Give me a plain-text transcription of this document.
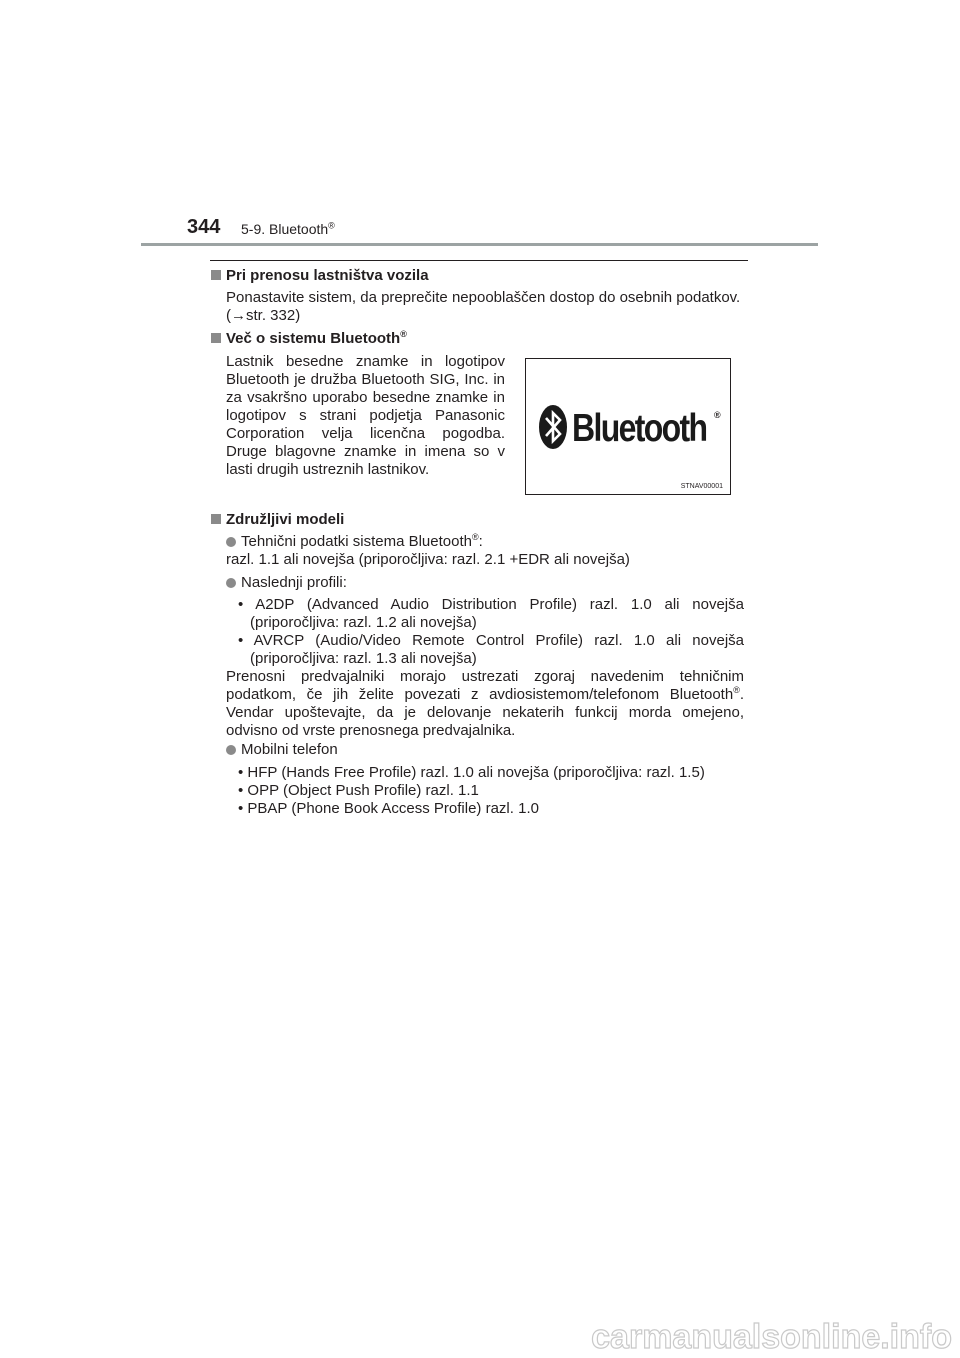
344 5-9. Bluetooth®
Pri prenosu lastništva vozila
Ponastavite sistem, da preprečite nepooblaščen dostop do osebnih podatkov.
(→str. 332)
Več o sistemu Bluetooth®
Lastnik besedne znamke in logotipov
Bluetooth je družba Bluetooth SIG, Inc. in
za vsakršno uporabo besedne znamke in
logotipov s strani podjetja Panasonic
Corporation velja licenčna pogodba.
Druge blagovne znamke in imena so v
lasti drugih ustreznih lastnikov.
Bluetooth ®
STNAV00001
Združljivi modeli
Tehnični podatki sistema Bluetooth®:
razl. 1.1 ali novejša (priporočljiva: razl. 2.1 +EDR ali novejša)
Naslednji profili:
• A2DP (Advanced Audio Distribution Profile) razl. 1.0 ali novejša
(priporočljiva: razl. 1.2 ali novejša)
• AVRCP (Audio/Video Remote Control Profile) razl. 1.0 ali novejša
(priporočljiva: razl. 1.3 ali novejša)
Prenosni predvajalniki morajo ustrezati zgoraj navedenim tehničnim
podatkom, če jih želite povezati z avdiosistemom/telefonom Bluetooth®.
Vendar upoštevajte, da je delovanje nekaterih funkcij morda omejeno,
odvisno od vrste prenosnega predvajalnika.
Mobilni telefon
• HFP (Hands Free Profile) razl. 1.0 ali novejša (priporočljiva: razl. 1.5)
• OPP (Object Push Profile) razl. 1.1
• PBAP (Phone Book Access Profile) razl. 1.0
carmanualsonline.info
